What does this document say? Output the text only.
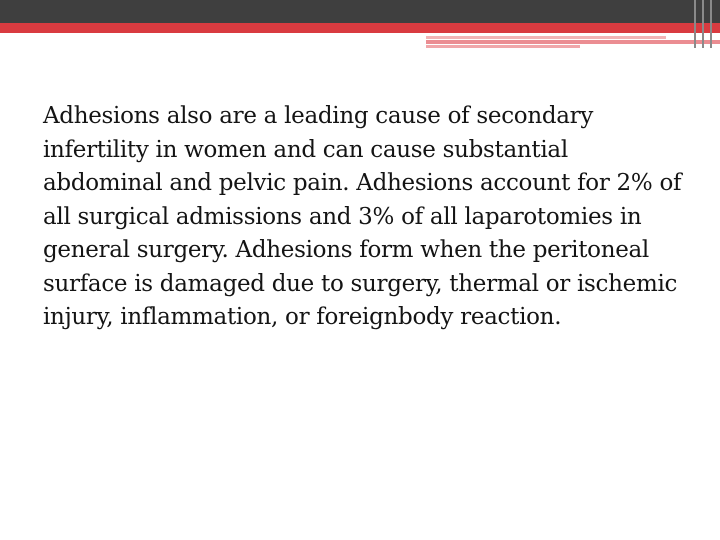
Adhesions also are a leading cause of secondary infertility in women and can cause substantial abdominal and pelvic pain. Adhesions account for 2% of all surgical admissions and 3% of all laparotomies in general surgery. Adhesions form when the peritoneal surface is damaged due to surgery, thermal or ischemic injury, inflammation, or foreignbody reaction.
